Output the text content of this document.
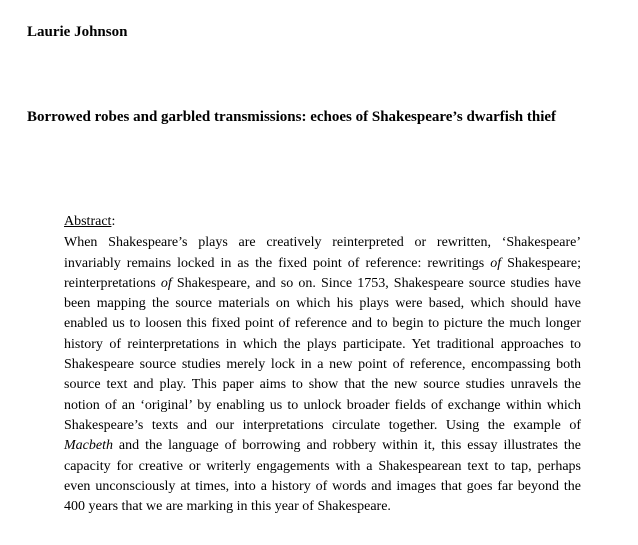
Laurie Johnson
Borrowed robes and garbled transmissions: echoes of Shakespeare’s dwarfish thief
Abstract:
When Shakespeare’s plays are creatively reinterpreted or rewritten, ‘Shakespeare’
invariably remains locked in as the fixed point of reference: rewritings of Shakespeare;
reinterpretations of Shakespeare, and so on. Since 1753, Shakespeare source studies have
been mapping the source materials on which his plays were based, which should have
enabled us to loosen this fixed point of reference and to begin to picture the much longer
history of reinterpretations in which the plays participate. Yet traditional approaches to
Shakespeare source studies merely lock in a new point of reference, encompassing both
source text and play. This paper aims to show that the new source studies unravels the
notion of an ‘original’ by enabling us to unlock broader fields of exchange within which
Shakespeare’s texts and our interpretations circulate together. Using the example of
Macbeth and the language of borrowing and robbery within it, this essay illustrates the
capacity for creative or writerly engagements with a Shakespearean text to tap, perhaps
even unconsciously at times, into a history of words and images that goes far beyond the
400 years that we are marking in this year of Shakespeare.
